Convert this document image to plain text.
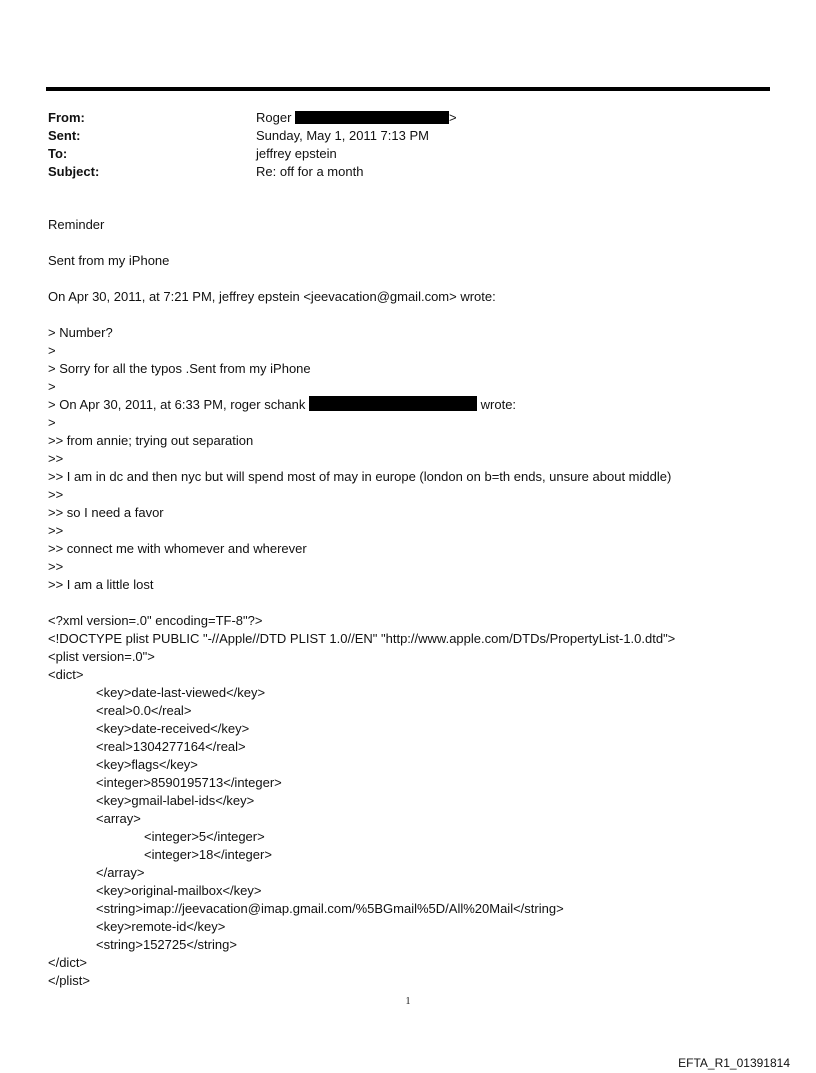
From:	Roger	>
Sent:	Sunday, May 1, 2011 7:13 PM
To:	jeffrey epstein
Subject:	Re: off for a month
Reminder
Sent from my iPhone
On Apr 30, 2011, at 7:21 PM, jeffrey epstein <jeevacation@gmail.com> wrote:
> Number?
>
> Sorry for all the typos .Sent from my iPhone
>
> On Apr 30, 2011, at 6:33 PM, roger schank	wrote:
>
>> from annie; trying out separation
>>
>> I am in dc and then nyc but will spend most of may in europe (london on b=th ends, unsure about middle)
>>
>> so I need a favor
>>
>> connect me with whomever and wherever
>>
>> I am a little lost
<?xml version=.0" encoding=TF-8"?>
<!DOCTYPE plist PUBLIC "-//Apple//DTD PLIST 1.0//EN" "http://www.apple.com/DTDs/PropertyList-1.0.dtd">
<plist version=.0">
<dict>
<key>date-last-viewed</key>
<real>0.0</real>
<key>date-received</key>
<real>1304277164</real>
<key>flags</key>
<integer>8590195713</integer>
<key>gmail-label-ids</key>
<array>
<integer>5</integer>
<integer>18</integer>
</array>
<key>original-mailbox</key>
<string>imap://jeevacation@imap.gmail.com/%5BGmail%5D/All%20Mail</string>
<key>remote-id</key>
<string>152725</string>
</dict>
</plist>
1
EFTA_R1_01391814
